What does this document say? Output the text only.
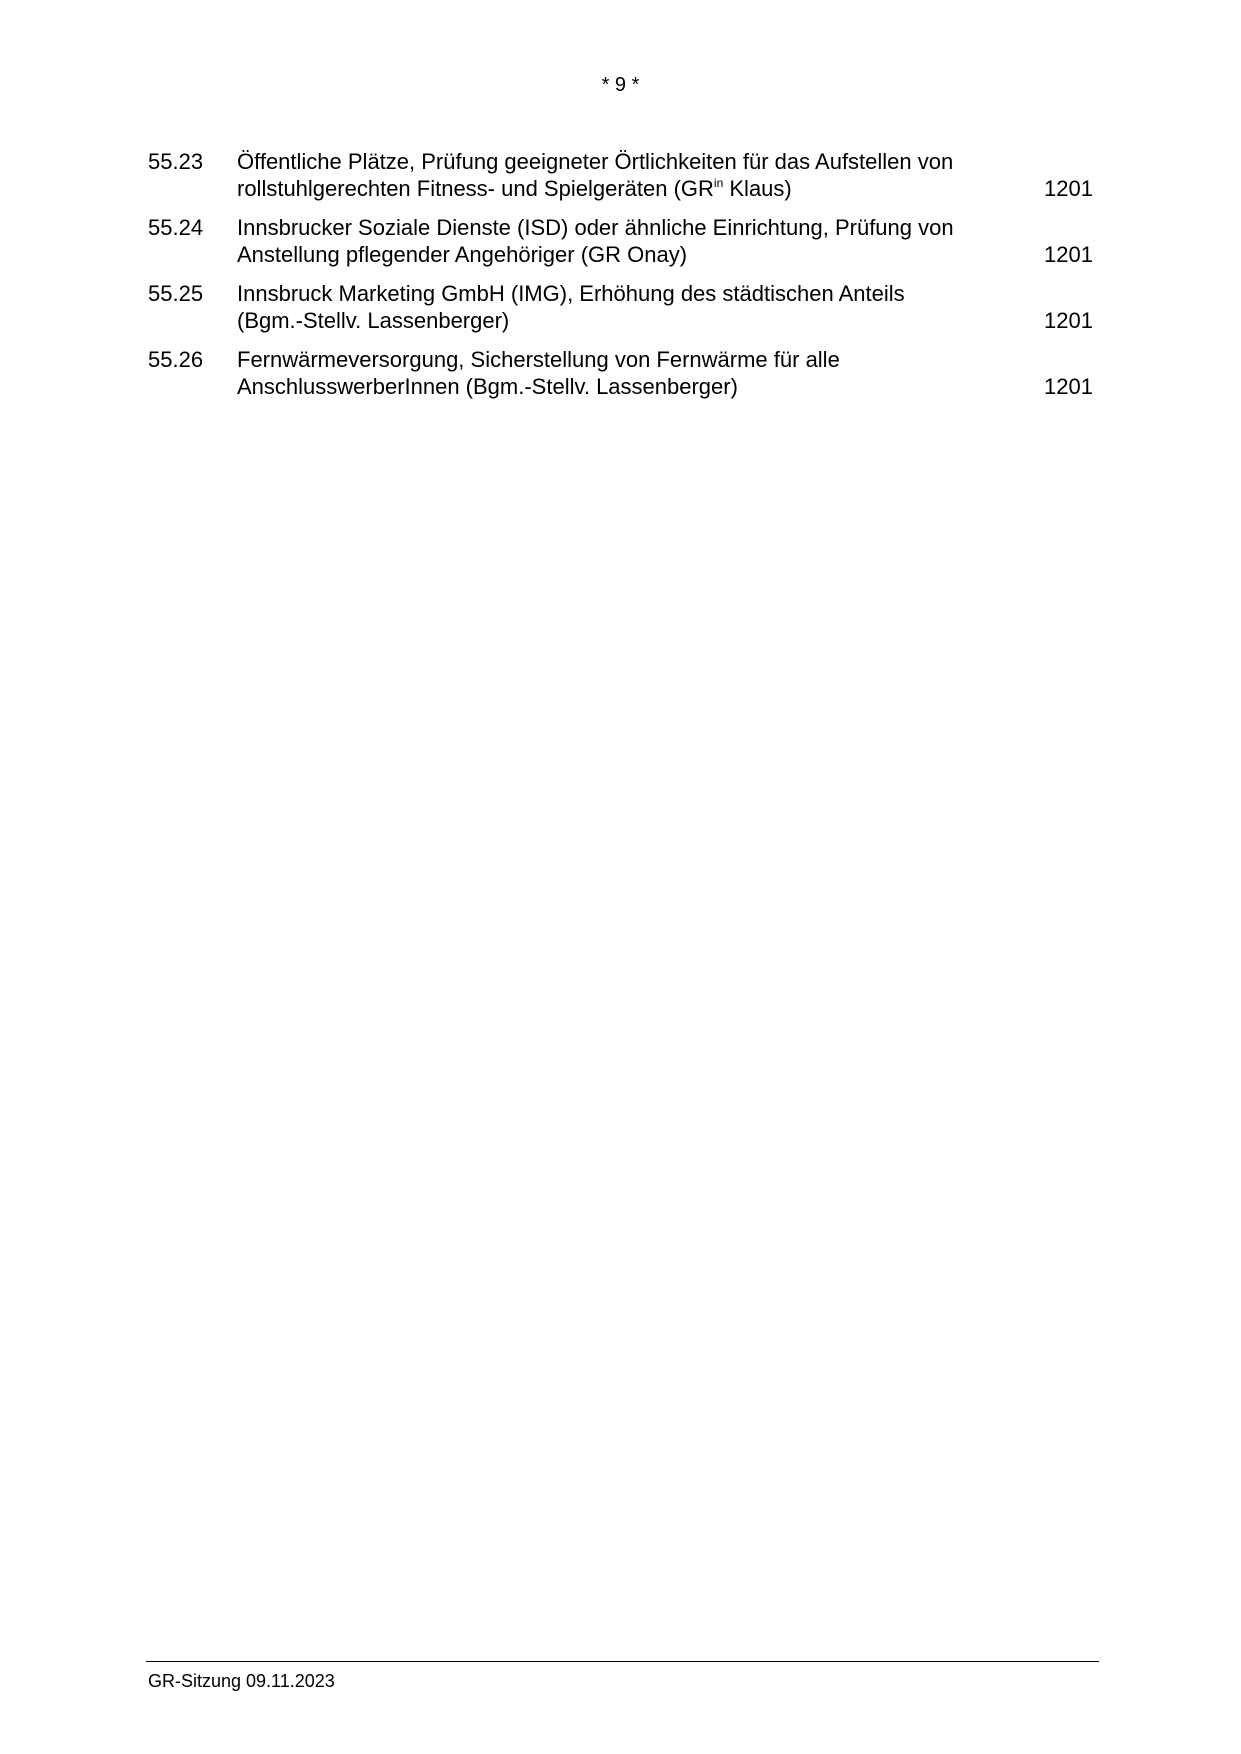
* 9 *
55.23	Öffentliche Plätze, Prüfung geeigneter Örtlichkeiten für das Aufstellen von
rollstuhlgerechten Fitness- und Spielgeräten ($GR^{in}$ Klaus)	1201
55.24	Innsbrucker Soziale Dienste (ISD) oder ähnliche Einrichtung, Prüfung von
Anstellung pflegender Angehöriger (GR Onay)	1201
55.25	Innsbruck Marketing GmbH (IMG), Erhöhung des städtischen Anteils
(Bgm.-Stellv. Lassenberger)	1201
55.26	Fernwärmeversorgung, Sicherstellung von Fernwärme für alle
AnschlusswerberInnen (Bgm.-Stellv. Lassenberger)	1201
GR-Sitzung 09.11.2023
